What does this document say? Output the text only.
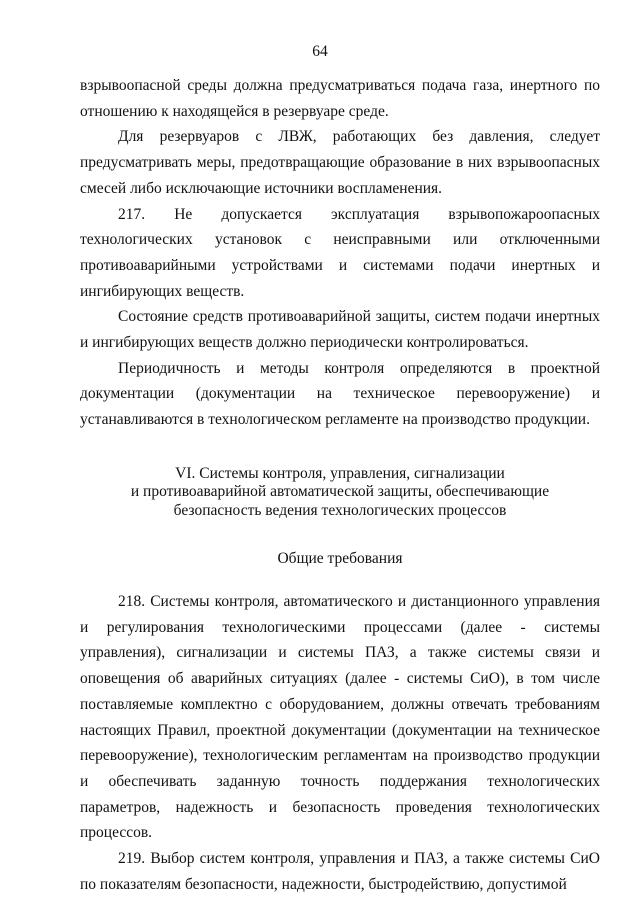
64

взрывоопасной среды должна предусматриваться подача газа, инертного по отношению к находящейся в резервуаре среде.

Для резервуаров с ЛВЖ, работающих без давления, следует предусматривать меры, предотвращающие образование в них взрывоопасных смесей либо исключающие источники воспламенения.

217. Не допускается эксплуатация взрывопожароопасных технологических установок с неисправными или отключенными противоаварийными устройствами и системами подачи инертных и ингибирующих веществ.

Состояние средств противоаварийной защиты, систем подачи инертных и ингибирующих веществ должно периодически контролироваться.

Периодичность и методы контроля определяются в проектной документации (документации на техническое перевооружение) и устанавливаются в технологическом регламенте на производство продукции.

VI. Системы контроля, управления, сигнализации

и противоаварийной автоматической защиты, обеспечивающие

безопасность ведения технологических процессов

Общие требования

218. Системы контроля, автоматического и дистанционного управления и регулирования технологическими процессами (далее - системы управления), сигнализации и системы ПАЗ, а также системы связи и оповещения об аварийных ситуациях (далее - системы СиО), в том числе поставляемые комплектно с оборудованием, должны отвечать требованиям настоящих Правил, проектной документации (документации на техническое перевооружение), технологическим регламентам на производство продукции и обеспечивать заданную точность поддержания технологических параметров, надежность и безопасность проведения технологических процессов.

219. Выбор систем контроля, управления и ПАЗ, а также системы СиО по показателям безопасности, надежности, быстродействию, допустимой
